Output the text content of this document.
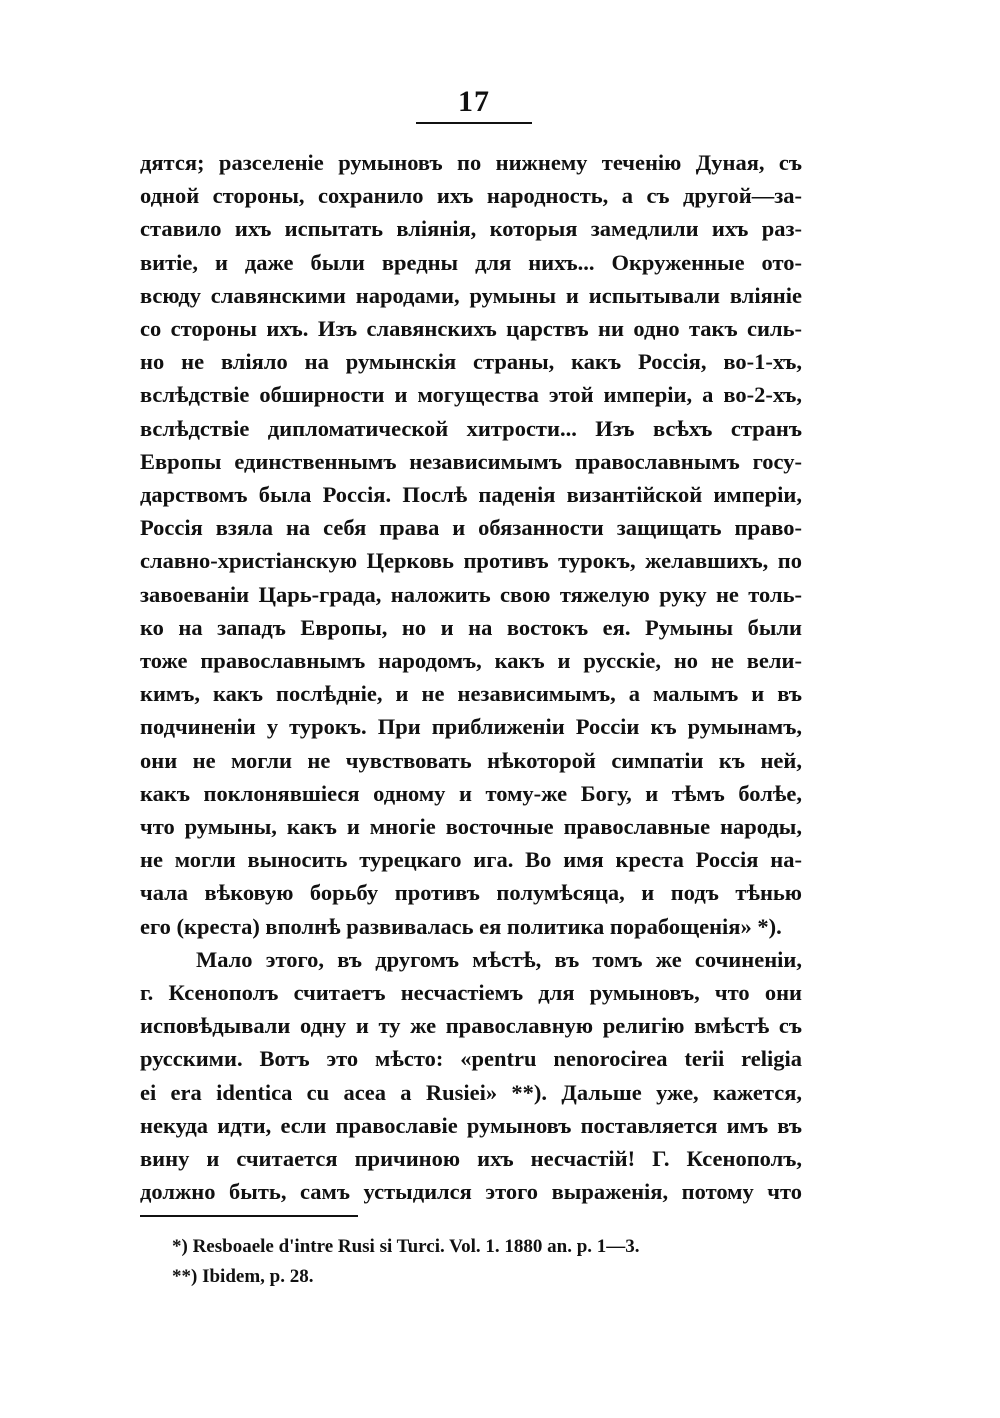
17
дятся; разселеніе румыновъ по нижнему теченію Дуная, съ
одной стороны, сохранило ихъ народность, а съ другой—за-
ставило ихъ испытать вліянія, которыя замедлили ихъ раз-
витіе, и даже были вредны для нихъ... Окруженные ото-
всюду славянскими народами, румыны и испытывали вліяніе
со стороны ихъ. Изъ славянскихъ царствъ ни одно такъ силь-
но не вліяло на румынскія страны, какъ Россія, во-1-хъ,
вслѣдствіе обширности и могущества этой имперіи, а во-2-хъ,
вслѣдствіе дипломатической хитрости... Изъ всѣхъ странъ
Европы единственнымъ независимымъ православнымъ госу-
дарствомъ была Россія. Послѣ паденія византійской имперіи,
Россія взяла на себя права и обязанности защищать право-
славно-христіанскую Церковь противъ турокъ, желавшихъ, по
завоеваніи Царь-града, наложить свою тяжелую руку не толь-
ко на западъ Европы, но и на востокъ ея. Румыны были
тоже православнымъ народомъ, какъ и русскіе, но не вели-
кимъ, какъ послѣдніе, и не независимымъ, а малымъ и въ
подчиненіи у турокъ. При приближеніи Россіи къ румынамъ,
они не могли не чувствовать нѣкоторой симпатіи къ ней,
какъ поклонявшіеся одному и тому-же Богу, и тѣмъ болѣе,
что румыны, какъ и многіе восточные православные народы,
не могли выносить турецкаго ига. Во имя креста Россія на-
чала вѣковую борьбу противъ полумѣсяца, и подъ тѣнью
его (креста) вполнѣ развивалась ея политика порабощенія» *).
Мало этого, въ другомъ мѣстѣ, въ томъ же сочиненіи,
г. Ксенополъ считаетъ несчастіемъ для румыновъ, что они
исповѣдывали одну и ту же православную религію вмѣстѣ съ
русскими. Вотъ это мѣсто: «pentru nenorocirea terii religia
ei era identica cu acea a Rusiei» **). Дальше уже, кажется,
некуда идти, если православіе румыновъ поставляется имъ въ
вину и считается причиною ихъ несчастій! Г. Ксенополъ,
должно быть, самъ устыдился этого выраженія, потому что
*) Resboaele d'intre Rusi si Turci. Vol. 1. 1880 an. p. 1—3.
**) Ibidem, p. 28.
